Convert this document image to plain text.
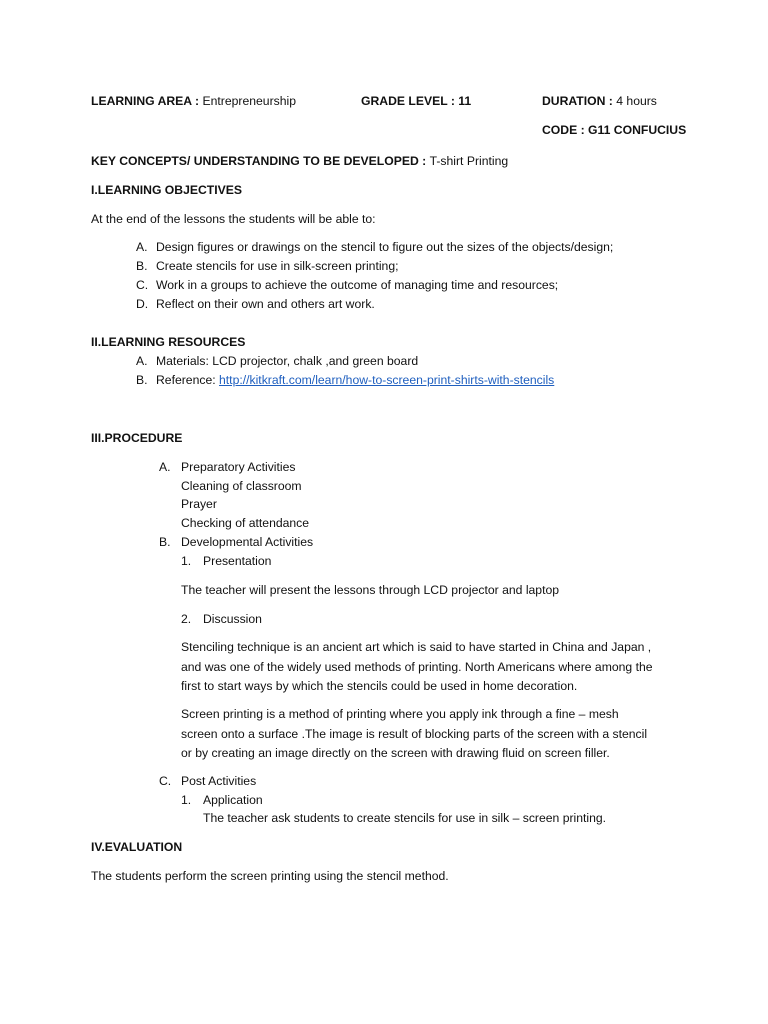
LEARNING AREA : Entrepreneurship	GRADE LEVEL : 11	DURATION : 4 hours
CODE : G11 CONFUCIUS
KEY CONCEPTS/ UNDERSTANDING TO BE DEVELOPED : T-shirt Printing
I.LEARNING OBJECTIVES
At the end of the lessons the students will be able to:
A. Design figures or drawings on the stencil to figure out the sizes of the objects/design;
B. Create stencils for use in silk-screen printing;
C. Work in a groups to achieve the outcome of managing time and resources;
D. Reflect on their own and others art work.
II.LEARNING RESOURCES
A. Materials: LCD projector, chalk ,and green board
B. Reference: http://kitkraft.com/learn/how-to-screen-print-shirts-with-stencils
III.PROCEDURE
A. Preparatory Activities
Cleaning of classroom
Prayer
Checking of attendance
B. Developmental Activities
1. Presentation
The teacher will present the lessons through LCD projector and laptop
2. Discussion
Stenciling technique is an ancient art which is said to have started in China and Japan ,
and was one of the widely used methods of printing. North Americans where among the
first to start ways by which the stencils could be used in home decoration.
Screen printing is a method of printing where you apply ink through a fine – mesh
screen onto a surface .The image is result of blocking parts of the screen with a stencil
or by creating an image directly on the screen with drawing fluid on screen filler.
C. Post Activities
1. Application
The teacher ask students to create stencils for use in silk – screen printing.
IV.EVALUATION
The students perform the screen printing using the stencil method.
